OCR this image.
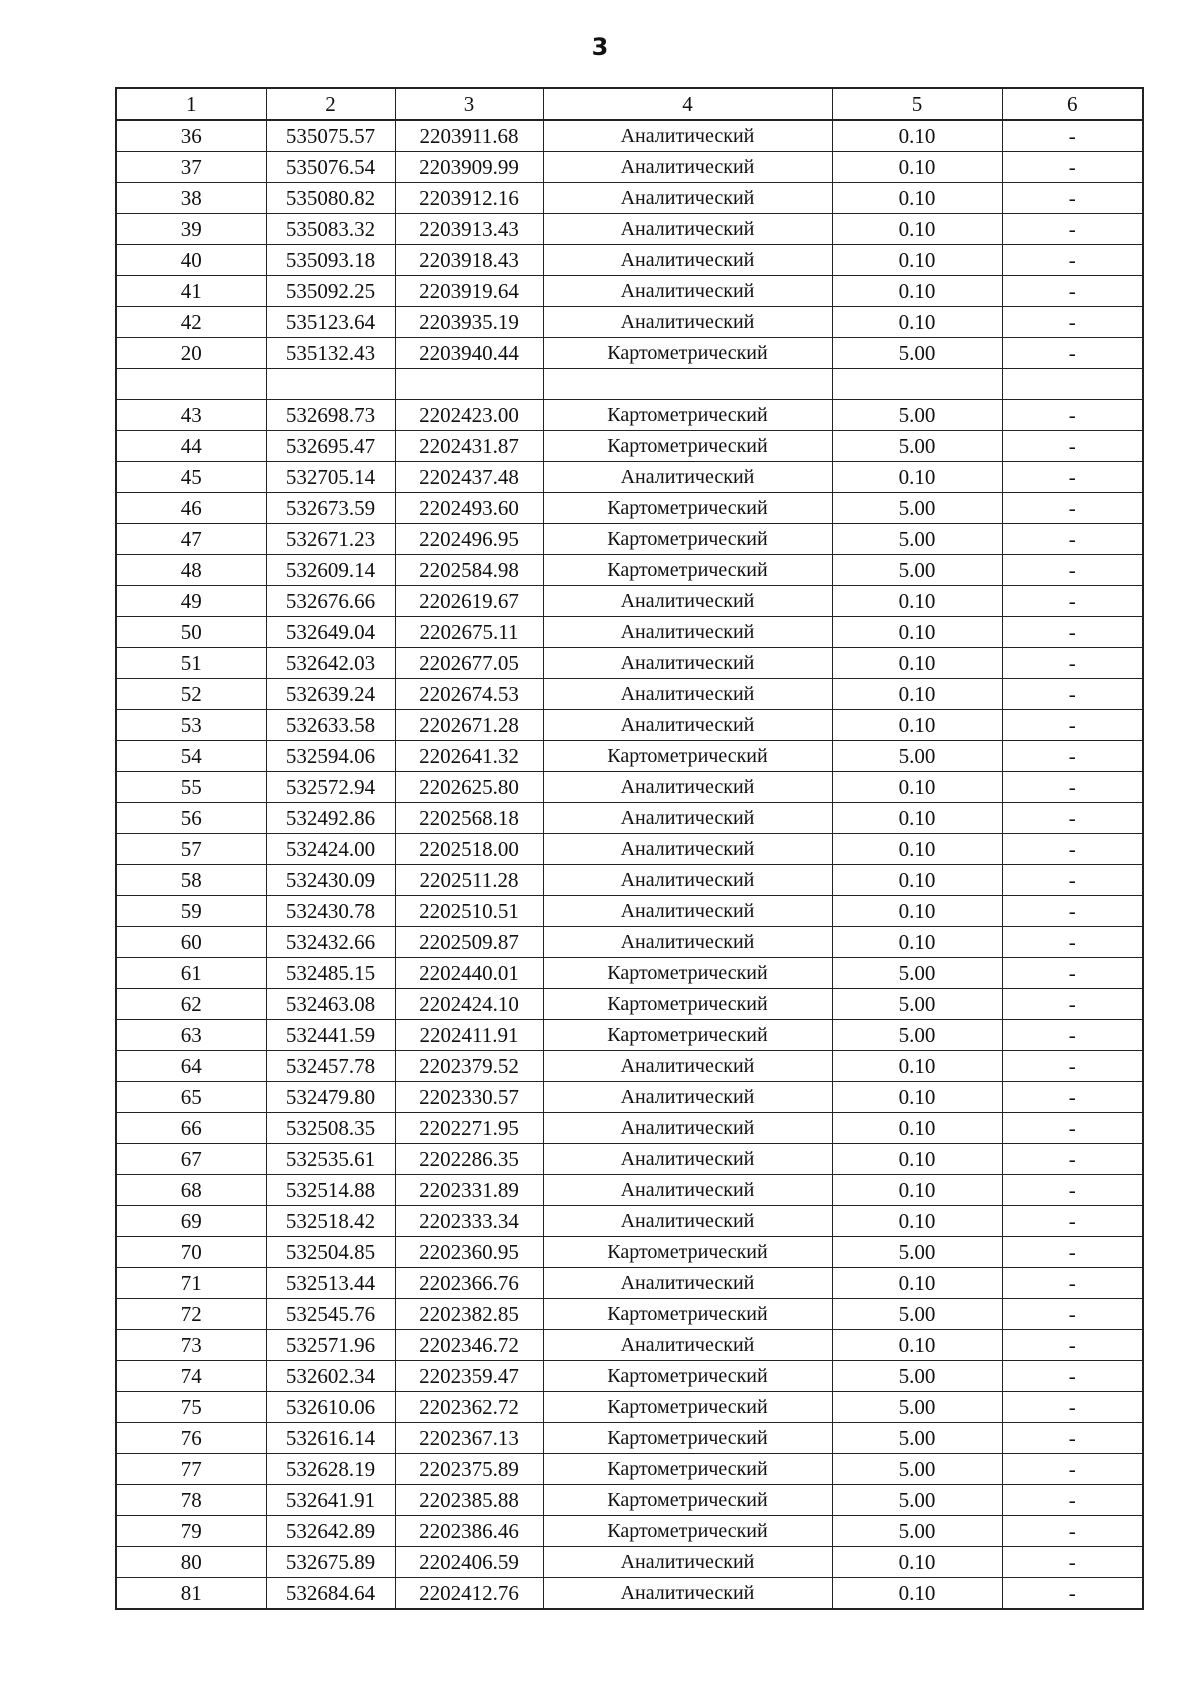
3
1	2	3	4	5	6
36	535075.57	2203911.68	Аналитический	0.10	-
37	535076.54	2203909.99	Аналитический	0.10	-
38	535080.82	2203912.16	Аналитический	0.10	-
39	535083.32	2203913.43	Аналитический	0.10	-
40	535093.18	2203918.43	Аналитический	0.10	-
41	535092.25	2203919.64	Аналитический	0.10	-
42	535123.64	2203935.19	Аналитический	0.10	-
20	535132.43	2203940.44	Картометрический	5.00	-

43	532698.73	2202423.00	Картометрический	5.00	-
44	532695.47	2202431.87	Картометрический	5.00	-
45	532705.14	2202437.48	Аналитический	0.10	-
46	532673.59	2202493.60	Картометрический	5.00	-
47	532671.23	2202496.95	Картометрический	5.00	-
48	532609.14	2202584.98	Картометрический	5.00	-
49	532676.66	2202619.67	Аналитический	0.10	-
50	532649.04	2202675.11	Аналитический	0.10	-
51	532642.03	2202677.05	Аналитический	0.10	-
52	532639.24	2202674.53	Аналитический	0.10	-
53	532633.58	2202671.28	Аналитический	0.10	-
54	532594.06	2202641.32	Картометрический	5.00	-
55	532572.94	2202625.80	Аналитический	0.10	-
56	532492.86	2202568.18	Аналитический	0.10	-
57	532424.00	2202518.00	Аналитический	0.10	-
58	532430.09	2202511.28	Аналитический	0.10	-
59	532430.78	2202510.51	Аналитический	0.10	-
60	532432.66	2202509.87	Аналитический	0.10	-
61	532485.15	2202440.01	Картометрический	5.00	-
62	532463.08	2202424.10	Картометрический	5.00	-
63	532441.59	2202411.91	Картометрический	5.00	-
64	532457.78	2202379.52	Аналитический	0.10	-
65	532479.80	2202330.57	Аналитический	0.10	-
66	532508.35	2202271.95	Аналитический	0.10	-
67	532535.61	2202286.35	Аналитический	0.10	-
68	532514.88	2202331.89	Аналитический	0.10	-
69	532518.42	2202333.34	Аналитический	0.10	-
70	532504.85	2202360.95	Картометрический	5.00	-
71	532513.44	2202366.76	Аналитический	0.10	-
72	532545.76	2202382.85	Картометрический	5.00	-
73	532571.96	2202346.72	Аналитический	0.10	-
74	532602.34	2202359.47	Картометрический	5.00	-
75	532610.06	2202362.72	Картометрический	5.00	-
76	532616.14	2202367.13	Картометрический	5.00	-
77	532628.19	2202375.89	Картометрический	5.00	-
78	532641.91	2202385.88	Картометрический	5.00	-
79	532642.89	2202386.46	Картометрический	5.00	-
80	532675.89	2202406.59	Аналитический	0.10	-
81	532684.64	2202412.76	Аналитический	0.10	-
